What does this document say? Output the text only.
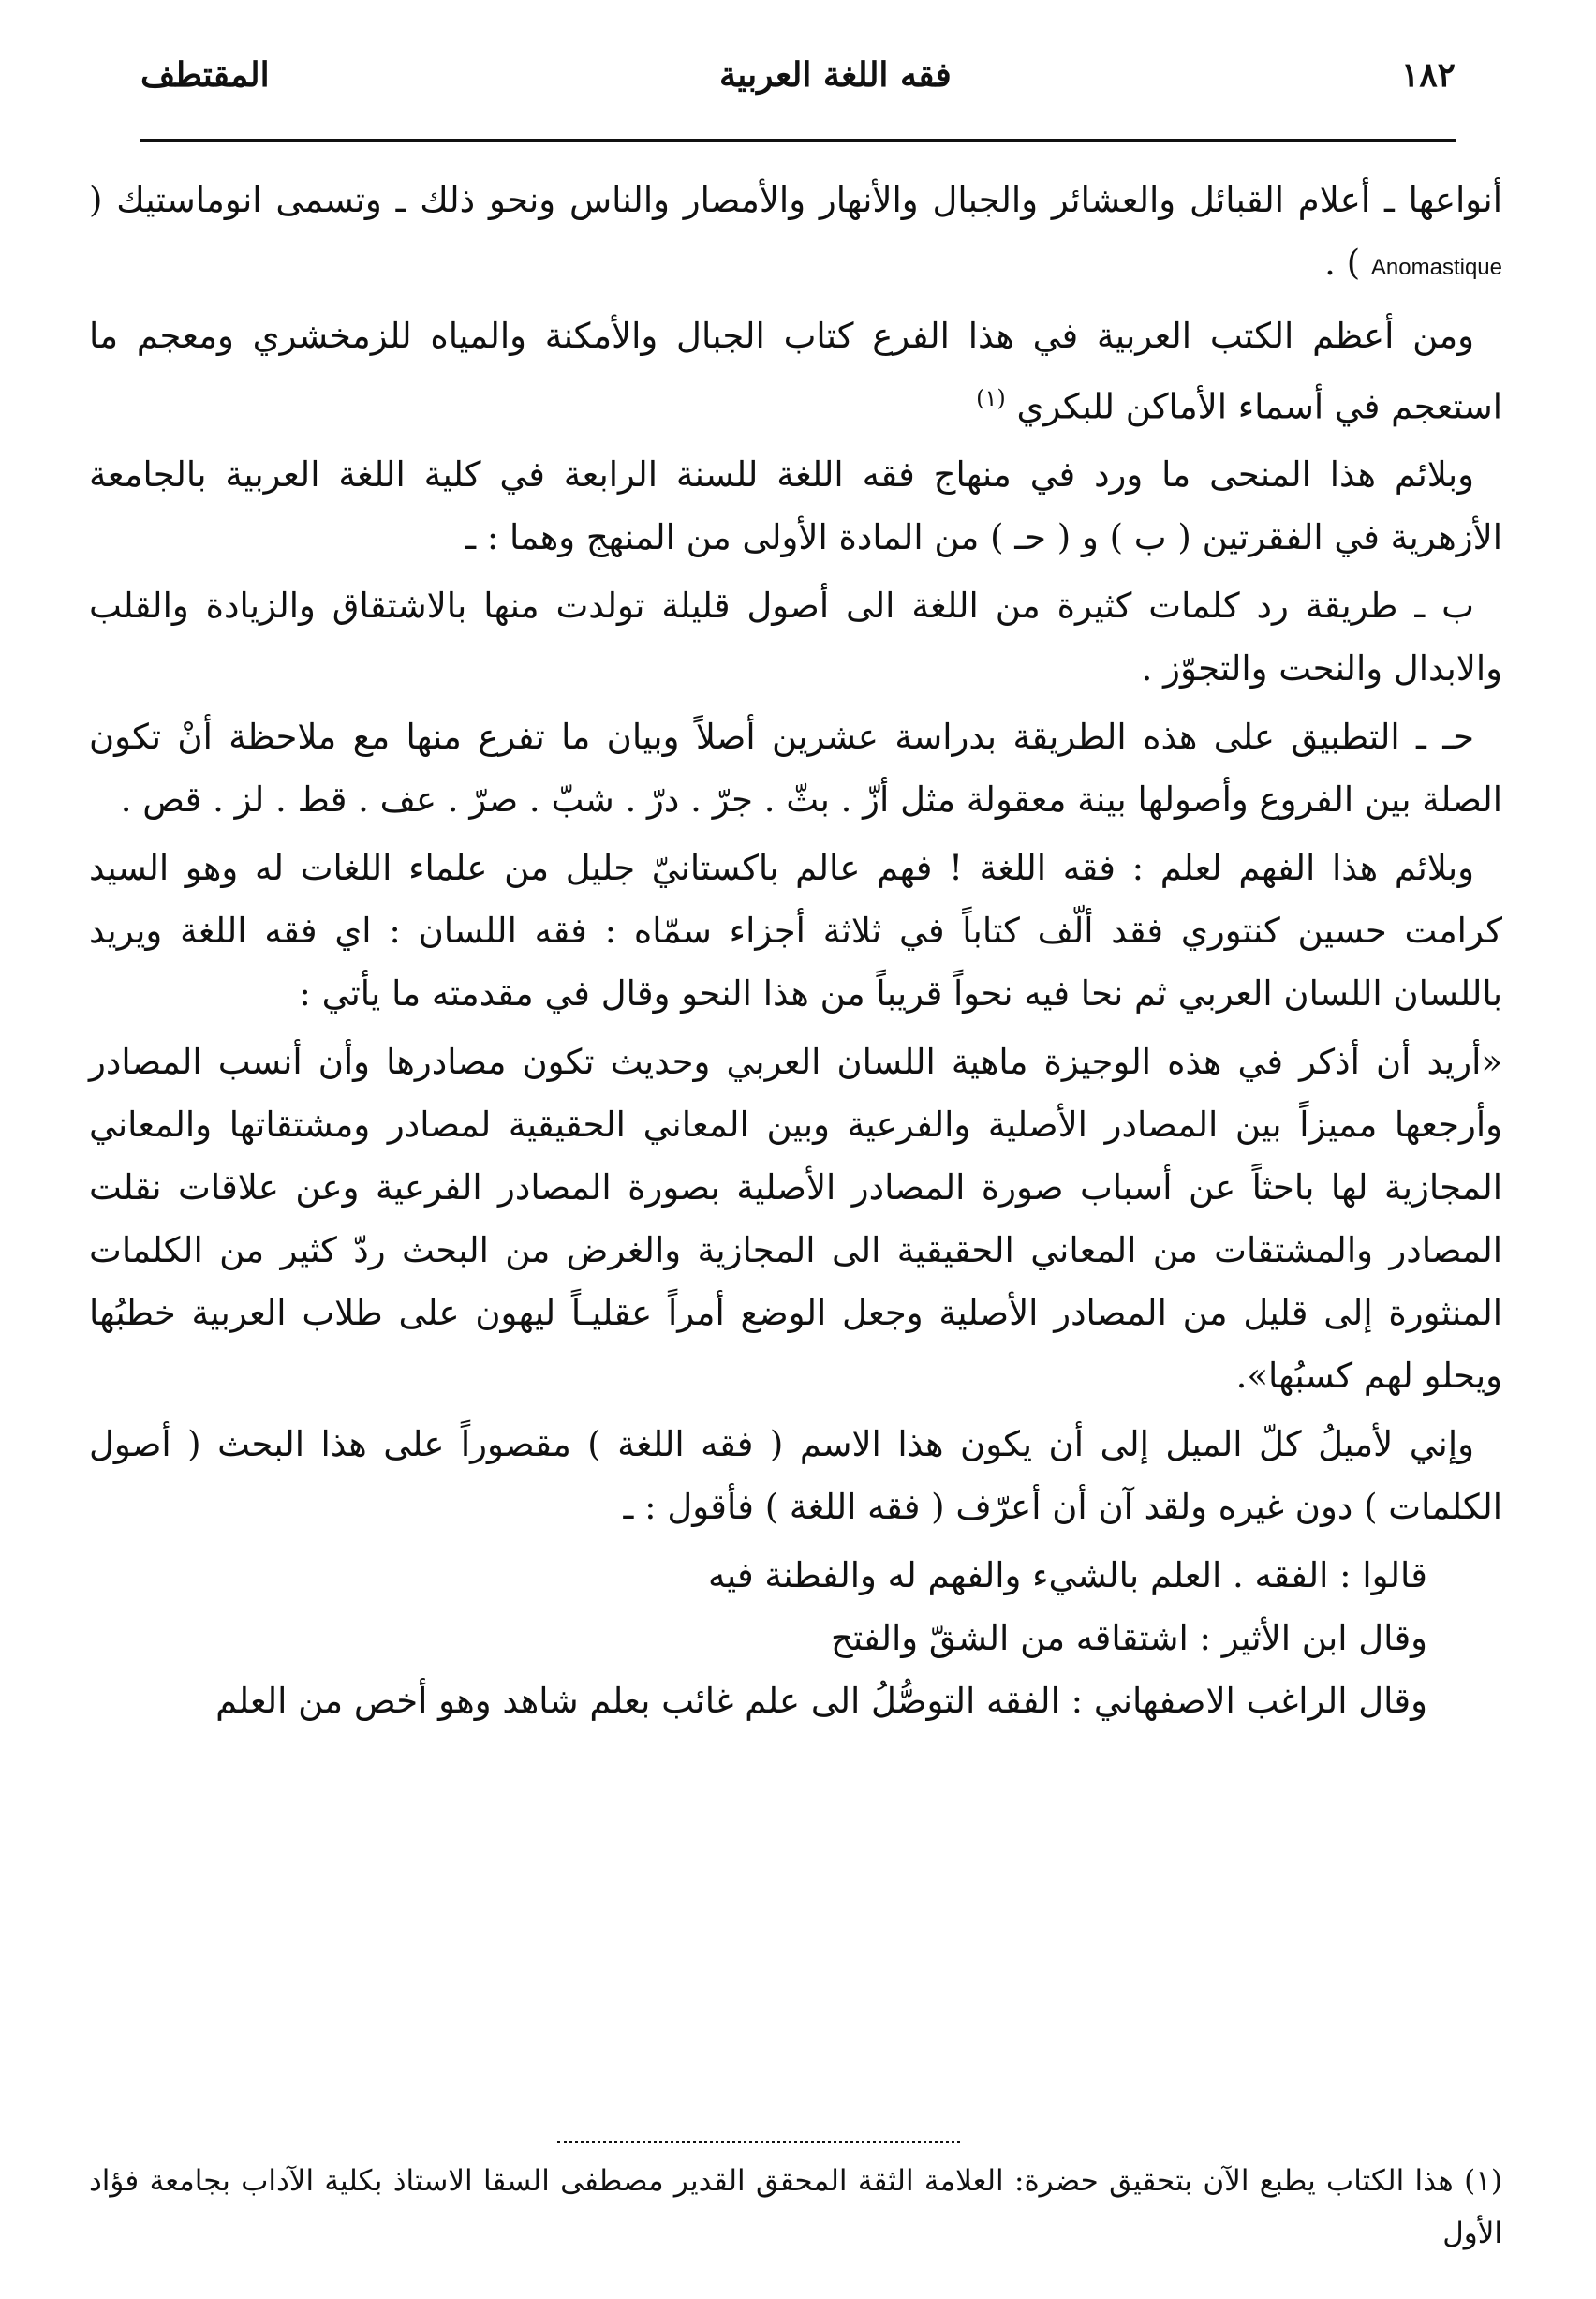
١٨٢
فقه اللغة العربية
المقتطف

أنواعها ـ أعلام القبائل والعشائر والجبال والأنهار والأمصار والناس ونحو ذلك ـ وتسمى انوماستيك ( Anomastique ) .

ومن أعظم الكتب العربية في هذا الفرع كتاب الجبال والأمكنة والمياه للزمخشري ومعجم ما استعجم في أسماء الأماكن للبكري $^{(١)}$

وبلائم هذا المنحى ما ورد في منهاج فقه اللغة للسنة الرابعة في كلية اللغة العربية بالجامعة الأزهرية في الفقرتين ( ب ) و ( حـ ) من المادة الأولى من المنهج وهما : ـ

ب ـ طريقة رد كلمات كثيرة من اللغة الى أصول قليلة تولدت منها بالاشتقاق والزيادة والقلب والابدال والنحت والتجوّز .

حـ ـ التطبيق على هذه الطريقة بدراسة عشرين أصلاً وبيان ما تفرع منها مع ملاحظة أنْ تكون الصلة بين الفروع وأصولها بينة معقولة مثل أزّ . بثّ . جرّ . درّ . شبّ . صرّ . عف . قط . لز . قص .

وبلائم هذا الفهم لعلم : فقه اللغة ! فهم عالم باكستانيّ جليل من علماء اللغات له وهو السيد كرامت حسين كنتوري فقد ألّف كتاباً في ثلاثة أجزاء سمّاه : فقه اللسان : اي فقه اللغة ويريد باللسان اللسان العربي ثم نحا فيه نحواً قريباً من هذا النحو وقال في مقدمته ما يأتي :

«أريد أن أذكر في هذه الوجيزة ماهية اللسان العربي وحديث تكون مصادرها وأن أنسب المصادر وأرجعها مميزاً بين المصادر الأصلية والفرعية وبين المعاني الحقيقية لمصادر ومشتقاتها والمعاني المجازية لها باحثاً عن أسباب صورة المصادر الأصلية بصورة المصادر الفرعية وعن علاقات نقلت المصادر والمشتقات من المعاني الحقيقية الى المجازية والغرض من البحث ردّ كثير من الكلمات المنثورة إلى قليل من المصادر الأصلية وجعل الوضع أمراً عقليـاً ليهون على طلاب العربية خطبُها ويحلو لهم كسبُها».

وإني لأميلُ كلّ الميل إلى أن يكون هذا الاسم ( فقه اللغة ) مقصوراً على هذا البحث ( أصول الكلمات ) دون غيره ولقد آن أن أعرّف ( فقه اللغة ) فأقول : ـ

قالوا : الفقه . العلم بالشيء والفهم له والفطنة فيه

وقال ابن الأثير : اشتقاقه من الشقّ والفتح

وقال الراغب الاصفهاني : الفقه التوصُّلُ الى علم غائب بعلم شاهد وهو أخص من العلم

(١) هذا الكتاب يطبع الآن بتحقيق حضرة: العلامة الثقة المحقق القدير مصطفى السقا الاستاذ بكلية الآداب بجامعة فؤاد الأول
